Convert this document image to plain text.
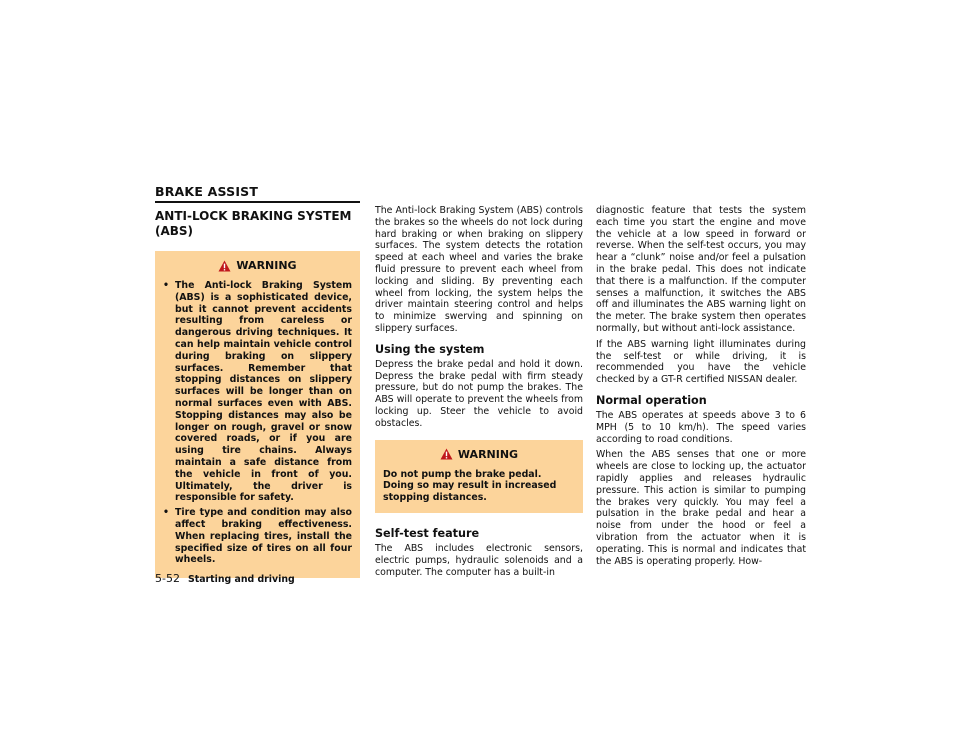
BRAKE ASSIST
ANTI-LOCK BRAKING SYSTEM (ABS)
WARNING
• The Anti-lock Braking System (ABS) is a sophisticated device, but it cannot prevent accidents resulting from careless or dangerous driving techniques. It can help maintain vehicle control during braking on slippery surfaces. Remember that stopping distances on slippery surfaces will be longer than on normal surfaces even with ABS. Stopping distances may also be longer on rough, gravel or snow covered roads, or if you are using tire chains. Always maintain a safe distance from the vehicle in front of you. Ultimately, the driver is responsible for safety.
• Tire type and condition may also affect braking effectiveness. When replacing tires, install the specified size of tires on all four wheels.

The Anti-lock Braking System (ABS) controls the brakes so the wheels do not lock during hard braking or when braking on slippery surfaces. The system detects the rotation speed at each wheel and varies the brake fluid pressure to prevent each wheel from locking and sliding. By preventing each wheel from locking, the system helps the driver maintain steering control and helps to minimize swerving and spinning on slippery surfaces.

Using the system

Depress the brake pedal and hold it down. Depress the brake pedal with firm steady pressure, but do not pump the brakes. The ABS will operate to prevent the wheels from locking up. Steer the vehicle to avoid obstacles.

WARNING

Do not pump the brake pedal. Doing so may result in increased stopping distances.

Self-test feature

The ABS includes electronic sensors, electric pumps, hydraulic solenoids and a computer. The computer has a built-in

diagnostic feature that tests the system each time you start the engine and move the vehicle at a low speed in forward or reverse. When the self-test occurs, you may hear a “clunk” noise and/or feel a pulsation in the brake pedal. This does not indicate that there is a malfunction. If the computer senses a malfunction, it switches the ABS off and illuminates the ABS warning light on the meter. The brake system then operates normally, but without anti-lock assistance.

If the ABS warning light illuminates during the self-test or while driving, it is recommended you have the vehicle checked by a GT-R certified NISSAN dealer.

Normal operation

The ABS operates at speeds above 3 to 6 MPH (5 to 10 km/h). The speed varies according to road conditions.

When the ABS senses that one or more wheels are close to locking up, the actuator rapidly applies and releases hydraulic pressure. This action is similar to pumping the brakes very quickly. You may feel a pulsation in the brake pedal and hear a noise from under the hood or feel a vibration from the actuator when it is operating. This is normal and indicates that the ABS is operating properly. How-

5-52 Starting and driving
